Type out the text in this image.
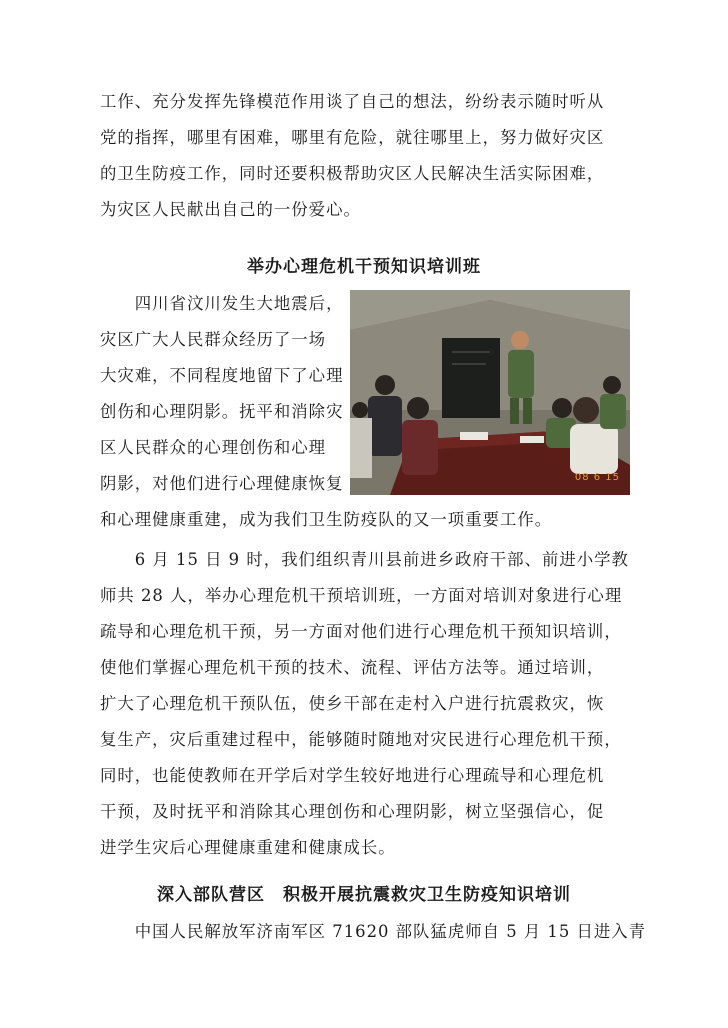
工作、充分发挥先锋模范作用谈了自己的想法，纷纷表示随时听从
党的指挥，哪里有困难，哪里有危险，就往哪里上，努力做好灾区
的卫生防疫工作，同时还要积极帮助灾区人民解决生活实际困难，
为灾区人民献出自己的一份爱心。
举办心理危机干预知识培训班
　　四川省汶川发生大地震后，
灾区广大人民群众经历了一场
大灾难，不同程度地留下了心理
创伤和心理阴影。抚平和消除灾
区人民群众的心理创伤和心理
阴影，对他们进行心理健康恢复
和心理健康重建，成为我们卫生防疫队的又一项重要工作。
08 6 15
　　6 月 15 日 9 时，我们组织青川县前进乡政府干部、前进小学教
师共 28 人，举办心理危机干预培训班，一方面对培训对象进行心理
疏导和心理危机干预，另一方面对他们进行心理危机干预知识培训，
使他们掌握心理危机干预的技术、流程、评估方法等。通过培训，
扩大了心理危机干预队伍，使乡干部在走村入户进行抗震救灾，恢
复生产，灾后重建过程中，能够随时随地对灾民进行心理危机干预，
同时，也能使教师在开学后对学生较好地进行心理疏导和心理危机
干预，及时抚平和消除其心理创伤和心理阴影，树立坚强信心，促
进学生灾后心理健康重建和健康成长。
深入部队营区　积极开展抗震救灾卫生防疫知识培训
　　中国人民解放军济南军区 71620 部队猛虎师自 5 月 15 日进入青
